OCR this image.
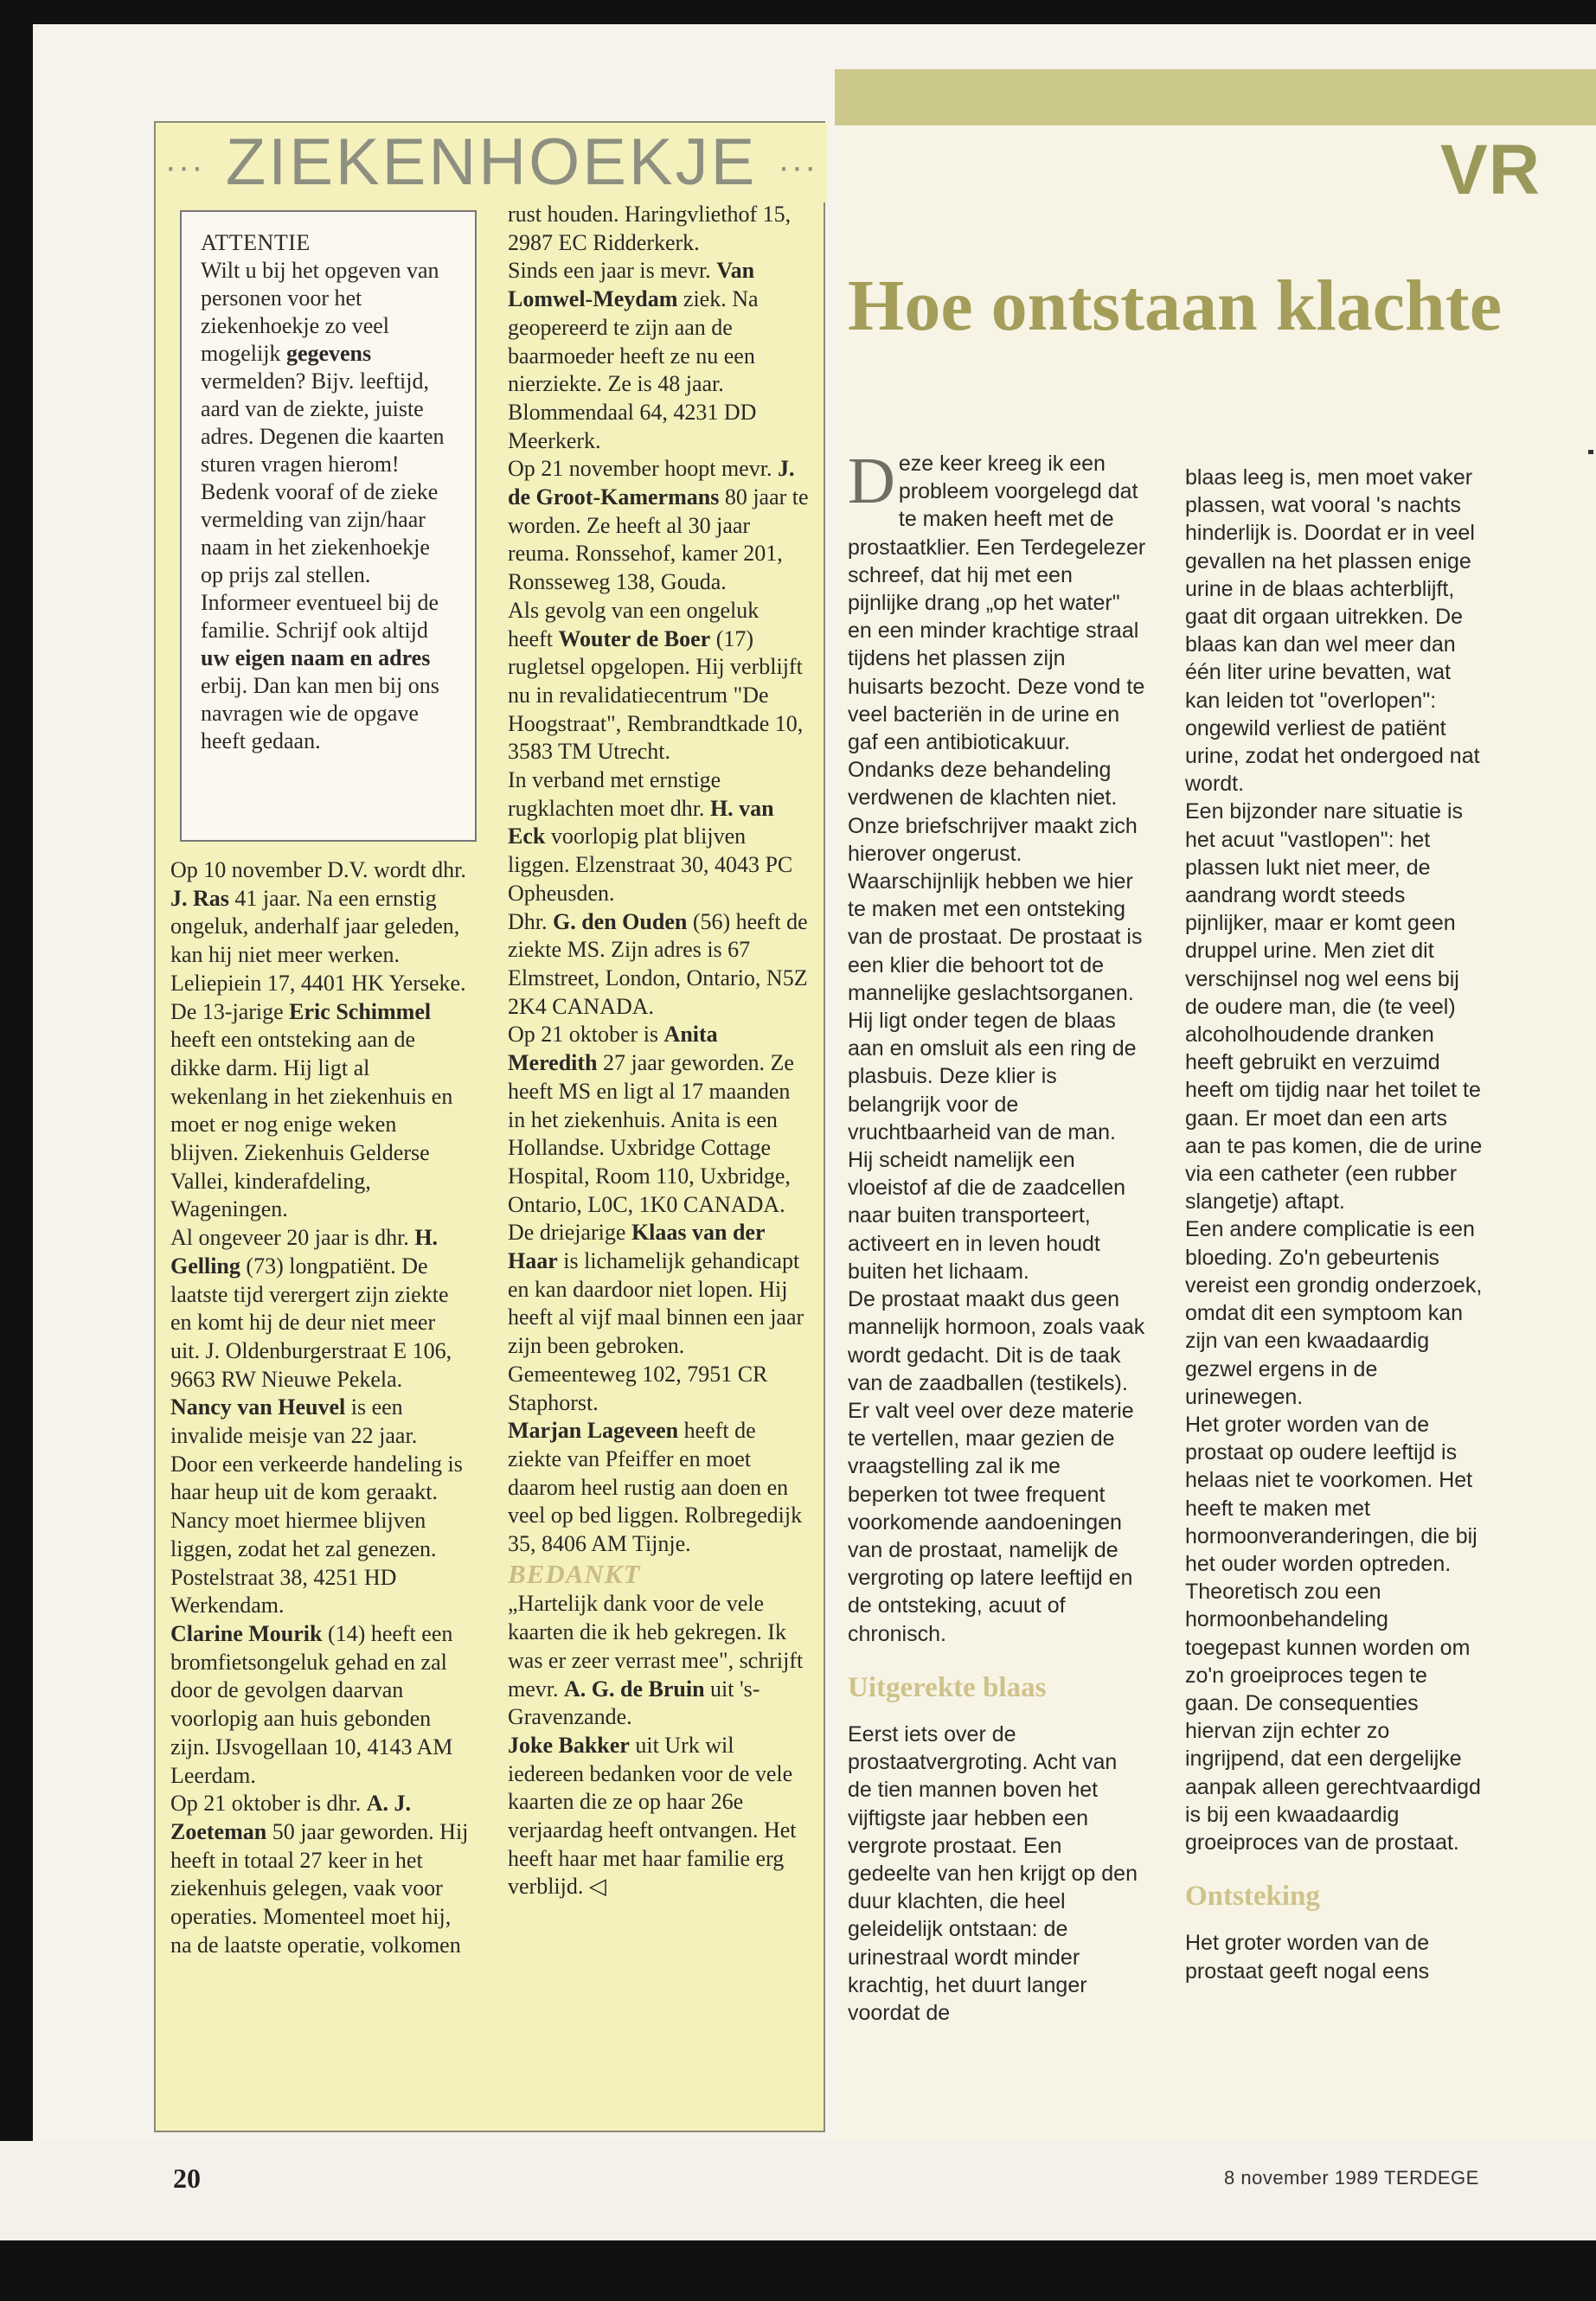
··· ZIEKENHOEKJE ···
ATTENTIE
Wilt u bij het opgeven van personen voor het ziekenhoekje zo veel mogelijk gegevens vermelden? Bijv. leeftijd, aard van de ziekte, juiste adres. Degenen die kaarten sturen vragen hierom! Bedenk vooraf of de zieke vermelding van zijn/haar naam in het ziekenhoekje op prijs zal stellen. Informeer eventueel bij de familie. Schrijf ook altijd uw eigen naam en adres erbij. Dan kan men bij ons navragen wie de opgave heeft gedaan.

Op 10 november D.V. wordt dhr. J. Ras 41 jaar. Na een ernstig ongeluk, anderhalf jaar geleden, kan hij niet meer werken. Leliepiein 17, 4401 HK Yerseke.

De 13-jarige Eric Schimmel heeft een ontsteking aan de dikke darm. Hij ligt al wekenlang in het ziekenhuis en moet er nog enige weken blijven. Ziekenhuis Gelderse Vallei, kinderafdeling, Wageningen.

Al ongeveer 20 jaar is dhr. H. Gelling (73) longpatiënt. De laatste tijd verergert zijn ziekte en komt hij de deur niet meer uit. J. Oldenburgerstraat E 106, 9663 RW Nieuwe Pekela.

Nancy van Heuvel is een invalide meisje van 22 jaar. Door een verkeerde handeling is haar heup uit de kom geraakt. Nancy moet hiermee blijven liggen, zodat het zal genezen. Postelstraat 38, 4251 HD Werkendam.

Clarine Mourik (14) heeft een bromfietsongeluk gehad en zal door de gevolgen daarvan voorlopig aan huis gebonden zijn. IJsvogellaan 10, 4143 AM Leerdam.

Op 21 oktober is dhr. A. J. Zoeteman 50 jaar geworden. Hij heeft in totaal 27 keer in het ziekenhuis gelegen, vaak voor operaties. Momenteel moet hij, na de laatste operatie, volkomen

rust houden. Haringvliethof 15, 2987 EC Ridderkerk.

Sinds een jaar is mevr. Van Lomwel-Meydam ziek. Na geopereerd te zijn aan de baarmoeder heeft ze nu een nierziekte. Ze is 48 jaar. Blommendaal 64, 4231 DD Meerkerk.

Op 21 november hoopt mevr. J. de Groot-Kamermans 80 jaar te worden. Ze heeft al 30 jaar reuma. Ronssehof, kamer 201, Ronsseweg 138, Gouda.

Als gevolg van een ongeluk heeft Wouter de Boer (17) rugletsel opgelopen. Hij verblijft nu in revalidatiecentrum "De Hoogstraat", Rembrandtkade 10, 3583 TM Utrecht.

In verband met ernstige rugklachten moet dhr. H. van Eck voorlopig plat blijven liggen. Elzenstraat 30, 4043 PC Opheusden.

Dhr. G. den Ouden (56) heeft de ziekte MS. Zijn adres is 67 Elmstreet, London, Ontario, N5Z 2K4 CANADA.

Op 21 oktober is Anita Meredith 27 jaar geworden. Ze heeft MS en ligt al 17 maanden in het ziekenhuis. Anita is een Hollandse. Uxbridge Cottage Hospital, Room 110, Uxbridge, Ontario, L0C, 1K0 CANADA.

De driejarige Klaas van der Haar is lichamelijk gehandicapt en kan daardoor niet lopen. Hij heeft al vijf maal binnen een jaar zijn been gebroken. Gemeenteweg 102, 7951 CR Staphorst.

Marjan Lageveen heeft de ziekte van Pfeiffer en moet daarom heel rustig aan doen en veel op bed liggen. Rolbregedijk 35, 8406 AM Tijnje.

BEDANKT

„Hartelijk dank voor de vele kaarten die ik heb gekregen. Ik was er zeer verrast mee", schrijft mevr. A. G. de Bruin uit 's-Gravenzande.

Joke Bakker uit Urk wil iedereen bedanken voor de vele kaarten die ze op haar 26e verjaardag heeft ontvangen. Het heeft haar met haar familie erg verblijd. ◁

VR
Hoe ontstaan klachte

Deze keer kreeg ik een probleem voorgelegd dat te maken heeft met de prostaatklier. Een Terdegelezer schreef, dat hij met een pijnlijke drang „op het water" en een minder krachtige straal tijdens het plassen zijn huisarts bezocht. Deze vond te veel bacteriën in de urine en gaf een antibioticakuur. Ondanks deze behandeling verdwenen de klachten niet. Onze briefschrijver maakt zich hierover ongerust.

Waarschijnlijk hebben we hier te maken met een ontsteking van de prostaat. De prostaat is een klier die behoort tot de mannelijke geslachtsorganen. Hij ligt onder tegen de blaas aan en omsluit als een ring de plasbuis. Deze klier is belangrijk voor de vruchtbaarheid van de man. Hij scheidt namelijk een vloeistof af die de zaadcellen naar buiten transporteert, activeert en in leven houdt buiten het lichaam.

De prostaat maakt dus geen mannelijk hormoon, zoals vaak wordt gedacht. Dit is de taak van de zaadballen (testikels). Er valt veel over deze materie te vertellen, maar gezien de vraagstelling zal ik me beperken tot twee frequent voorkomende aandoeningen van de prostaat, namelijk de vergroting op latere leeftijd en de ontsteking, acuut of chronisch.

Uitgerekte blaas

Eerst iets over de prostaatvergroting. Acht van de tien mannen boven het vijftigste jaar hebben een vergrote prostaat. Een gedeelte van hen krijgt op den duur klachten, die heel geleidelijk ontstaan: de urinestraal wordt minder krachtig, het duurt langer voordat de

blaas leeg is, men moet vaker plassen, wat vooral 's nachts hinderlijk is. Doordat er in veel gevallen na het plassen enige urine in de blaas achterblijft, gaat dit orgaan uitrekken. De blaas kan dan wel meer dan één liter urine bevatten, wat kan leiden tot "overlopen": ongewild verliest de patiënt urine, zodat het ondergoed nat wordt.

Een bijzonder nare situatie is het acuut "vastlopen": het plassen lukt niet meer, de aandrang wordt steeds pijnlijker, maar er komt geen druppel urine. Men ziet dit verschijnsel nog wel eens bij de oudere man, die (te veel) alcoholhoudende dranken heeft gebruikt en verzuimd heeft om tijdig naar het toilet te gaan. Er moet dan een arts aan te pas komen, die de urine via een catheter (een rubber slangetje) aftapt.

Een andere complicatie is een bloeding. Zo'n gebeurtenis vereist een grondig onderzoek, omdat dit een symptoom kan zijn van een kwaadaardig gezwel ergens in de urinewegen.

Het groter worden van de prostaat op oudere leeftijd is helaas niet te voorkomen. Het heeft te maken met hormoonveranderingen, die bij het ouder worden optreden. Theoretisch zou een hormoonbehandeling toegepast kunnen worden om zo'n groeiproces tegen te gaan. De consequenties hiervan zijn echter zo ingrijpend, dat een dergelijke aanpak alleen gerechtvaardigd is bij een kwaadaardig groeiproces van de prostaat.

Ontsteking

Het groter worden van de prostaat geeft nogal eens

20	8 november 1989 TERDEGE
